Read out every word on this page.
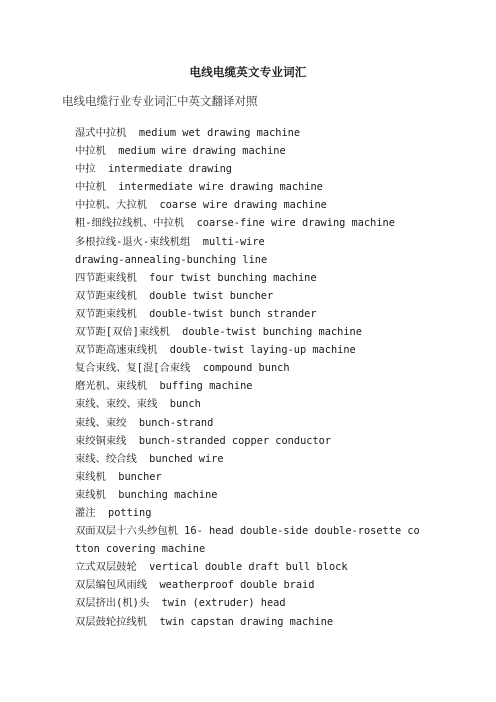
电线电缆英文专业词汇
电线电缆行业专业词汇中英文翻译对照
湿式中拉机  medium wet drawing machine
中拉机  medium wire drawing machine
中拉  intermediate drawing
中拉机  intermediate wire drawing machine
中拉机、大拉机  coarse wire drawing machine
粗-细线拉线机、中拉机  coarse-fine wire drawing machine
多根拉线-退火-束线机组  multi-wire
drawing-annealing-bunching line
四节距束线机  four twist bunching machine
双节距束线机  double twist buncher
双节距束线机  double-twist bunch strander
双节距[双倍]束线机  double-twist bunching machine
双节距高速束线机  double-twist laying-up machine
复合束线、复[混[合束线  compound bunch
磨光机、束线机  buffing machine
束线、束绞、束线  bunch
束线、束绞  bunch-strand
束绞铜束线  bunch-stranded copper conductor
束线、绞合线  bunched wire
束线机  buncher
束线机  bunching machine
灌注  potting
双面双层十六头纱包机 16- head double-side double-rosette cotton covering machine
立式双层鼓轮  vertical double draft bull block
双层编包风雨线  weatherproof double braid
双层挤出(机)头  twin (extruder) head
双层鼓轮拉线机  twin capstan drawing machine
